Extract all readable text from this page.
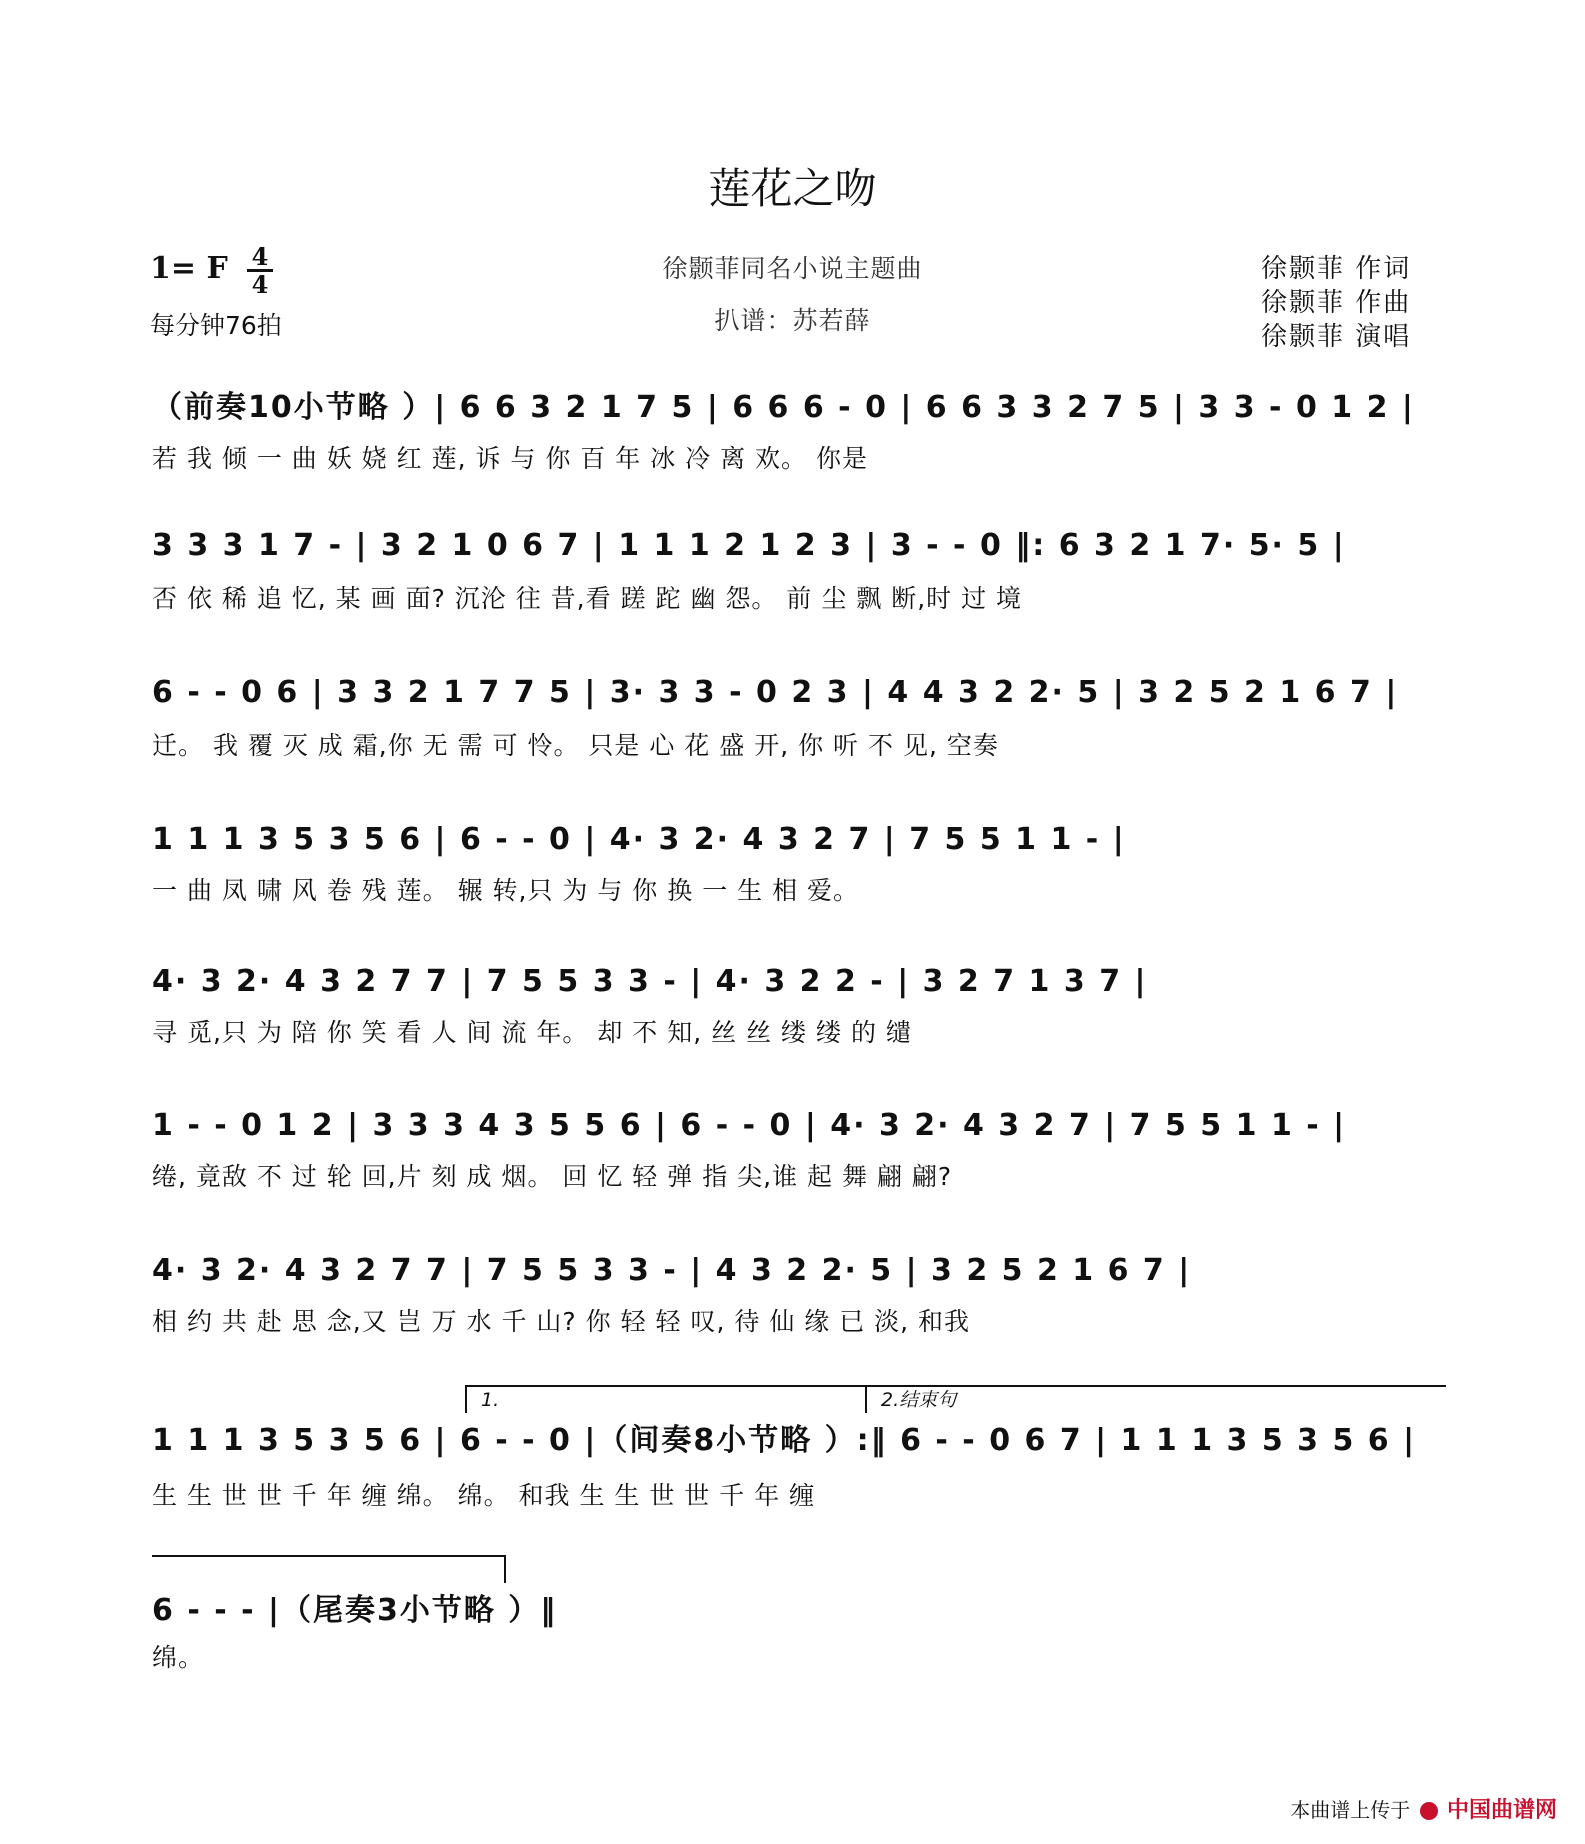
莲花之吻
1= F 4
4
每分钟76拍
徐颢菲同名小说主题曲
扒谱：苏若薛
徐颢菲 作词
徐颢菲 作曲
徐颢菲 演唱
（前奏10小节略 ）| 6 6 3 2 1 7 5 | 6 6 6 - 0 | 6 6 3 3 2 7 5 | 3 3 - 0 1 2 |
若 我 倾 一 曲 妖 娆 红 莲, 诉 与 你 百 年 冰 冷 离 欢。 你是
3 3 3 1 7 - | 3 2 1 0 6 7 | 1 1 1 2 1 2 3 | 3 - - 0 ‖: 6 3 2 1 7· 5· 5 |
否 依 稀 追 忆, 某 画 面? 沉沦 往 昔,看 蹉 跎 幽 怨。 前 尘 飘 断,时 过 境
6 - - 0 6 | 3 3 2 1 7 7 5 | 3· 3 3 - 0 2 3 | 4 4 3 2 2· 5 | 3 2 5 2 1 6 7 |
迁。 我 覆 灭 成 霜,你 无 需 可 怜。 只是 心 花 盛 开, 你 听 不 见, 空奏
1 1 1 3 5 3 5 6 | 6 - - 0 | 4· 3 2· 4 3 2 7 | 7 5 5 1 1 - |
一 曲 凤 啸 风 卷 残 莲。 辗 转,只 为 与 你 换 一 生 相 爱。
4· 3 2· 4 3 2 7 7 | 7 5 5 3 3 - | 4· 3 2 2 - | 3 2 7 1 3 7 |
寻 觅,只 为 陪 你 笑 看 人 间 流 年。 却 不 知, 丝 丝 缕 缕 的 缱
1 - - 0 1 2 | 3 3 3 4 3 5 5 6 | 6 - - 0 | 4· 3 2· 4 3 2 7 | 7 5 5 1 1 - |
绻, 竟敌 不 过 轮 回,片 刻 成 烟。 回 忆 轻 弹 指 尖,谁 起 舞 翩 翩?
4· 3 2· 4 3 2 7 7 | 7 5 5 3 3 - | 4 3 2 2· 5 | 3 2 5 2 1 6 7 |
相 约 共 赴 思 念,又 岂 万 水 千 山? 你 轻 轻 叹, 待 仙 缘 已 淡, 和我
1.	2.结束句
1 1 1 3 5 3 5 6 | 6 - - 0 |（间奏8小节略 ）:‖ 6 - - 0 6 7 | 1 1 1 3 5 3 5 6 |
生 生 世 世 千 年 缠 绵。 绵。 和我 生 生 世 世 千 年 缠
6 - - - |（尾奏3小节略 ）‖
绵。
本曲谱上传于 中国曲谱网
